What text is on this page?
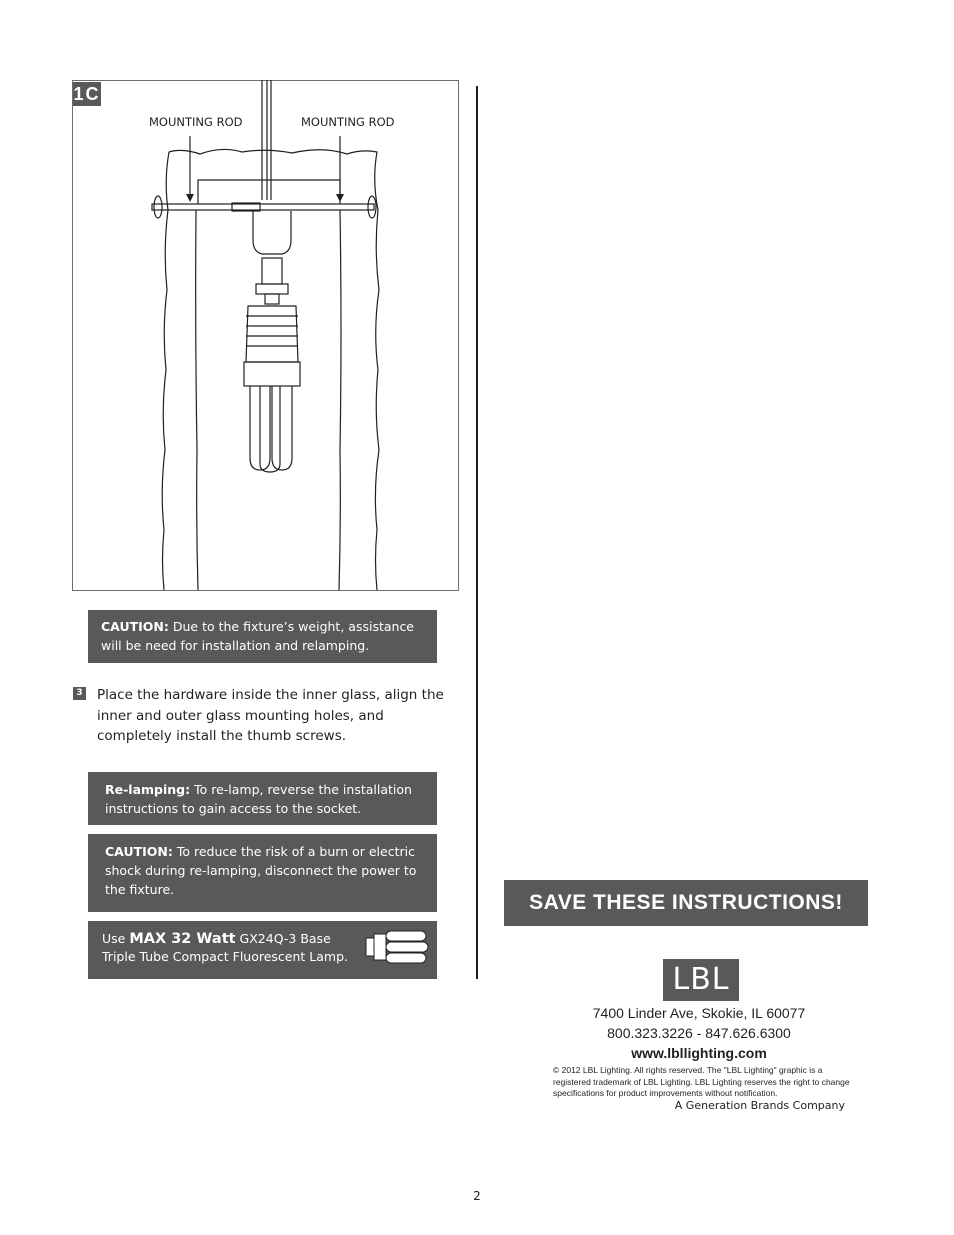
1C
MOUNTING ROD	MOUNTING ROD
CAUTION: Due to the fixture’s weight, assistance will be need for installation and relamping.
3 Place the hardware inside the inner glass, align the inner and outer glass mounting holes, and completely install the thumb screws.
Re-lamping: To re-lamp, reverse the installation instructions to gain access to the socket.
CAUTION: To reduce the risk of a burn or electric shock during re-lamping, disconnect the power to the fixture.
Use MAX 32 Watt GX24Q-3 Base
Triple Tube Compact Fluorescent Lamp.
SAVE THESE INSTRUCTIONS!
LBL
7400 Linder Ave, Skokie, IL 60077
800.323.3226 - 847.626.6300
www.lbllighting.com
© 2012 LBL Lighting. All rights reserved. The "LBL Lighting" graphic is a registered trademark of LBL Lighting. LBL Lighting reserves the right to change specifications for product improvements without notification.
A Generation Brands Company
2
